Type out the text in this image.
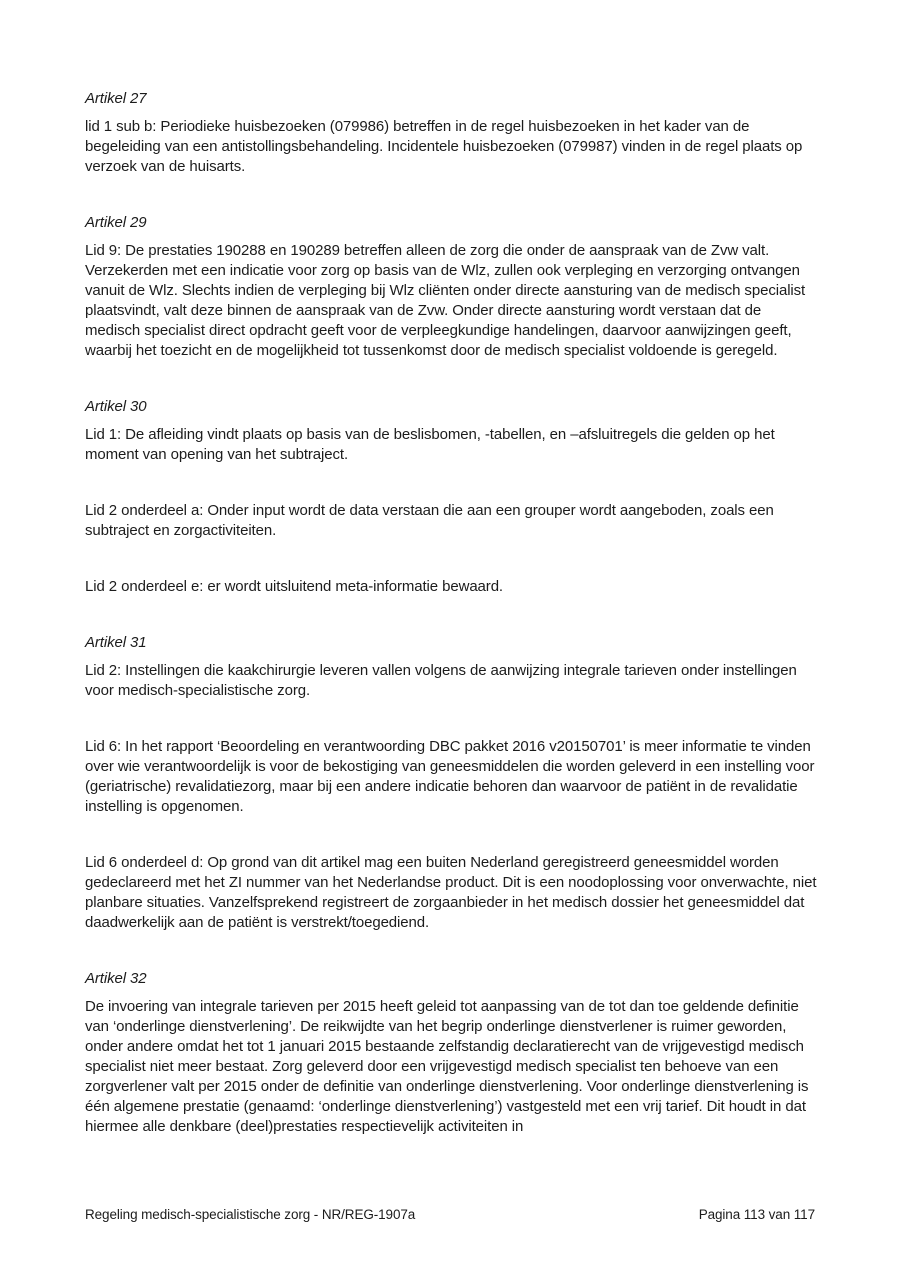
Artikel 27

lid 1 sub b: Periodieke huisbezoeken (079986) betreffen in de regel huisbezoeken in het kader van de begeleiding van een antistollingsbehandeling. Incidentele huisbezoeken (079987) vinden in de regel plaats op verzoek van de huisarts.

Artikel 29

Lid 9: De prestaties 190288 en 190289 betreffen alleen de zorg die onder de aanspraak van de Zvw valt. Verzekerden met een indicatie voor zorg op basis van de Wlz, zullen ook verpleging en verzorging ontvangen vanuit de Wlz. Slechts indien de verpleging bij Wlz cliënten onder directe aansturing van de medisch specialist plaatsvindt, valt deze binnen de aanspraak van de Zvw. Onder directe aansturing wordt verstaan dat de medisch specialist direct opdracht geeft voor de verpleegkundige handelingen, daarvoor aanwijzingen geeft, waarbij het toezicht en de mogelijkheid tot tussenkomst door de medisch specialist voldoende is geregeld.

Artikel 30

Lid 1: De afleiding vindt plaats op basis van de beslisbomen, -tabellen, en –afsluitregels die gelden op het moment van opening van het subtraject.

Lid 2 onderdeel a: Onder input wordt de data verstaan die aan een grouper wordt aangeboden, zoals een subtraject en zorgactiviteiten.

Lid 2 onderdeel e: er wordt uitsluitend meta-informatie bewaard.

Artikel 31

Lid 2: Instellingen die kaakchirurgie leveren vallen volgens de aanwijzing integrale tarieven onder instellingen voor medisch-specialistische zorg.

Lid 6: In het rapport ‘Beoordeling en verantwoording DBC pakket 2016 v20150701’ is meer informatie te vinden over wie verantwoordelijk is voor de bekostiging van geneesmiddelen die worden geleverd in een instelling voor (geriatrische) revalidatiezorg, maar bij een andere indicatie behoren dan waarvoor de patiënt in de revalidatie instelling is opgenomen.

Lid 6 onderdeel d: Op grond van dit artikel mag een buiten Nederland geregistreerd geneesmiddel worden gedeclareerd met het ZI nummer van het Nederlandse product. Dit is een noodoplossing voor onverwachte, niet planbare situaties. Vanzelfsprekend registreert de zorgaanbieder in het medisch dossier het geneesmiddel dat daadwerkelijk aan de patiënt is verstrekt/toegediend.

Artikel 32

De invoering van integrale tarieven per 2015 heeft geleid tot aanpassing van de tot dan toe geldende definitie van ‘onderlinge dienstverlening’. De reikwijdte van het begrip onderlinge dienstverlener is ruimer geworden, onder andere omdat het tot 1 januari 2015 bestaande zelfstandig declaratierecht van de vrijgevestigd medisch specialist niet meer bestaat. Zorg geleverd door een vrijgevestigd medisch specialist ten behoeve van een zorgverlener valt per 2015 onder de definitie van onderlinge dienstverlening. Voor onderlinge dienstverlening is één algemene prestatie (genaamd: ‘onderlinge dienstverlening’) vastgesteld met een vrij tarief. Dit houdt in dat hiermee alle denkbare (deel)prestaties respectievelijk activiteiten in

Regeling medisch-specialistische zorg - NR/REG-1907a	Pagina 113 van 117
